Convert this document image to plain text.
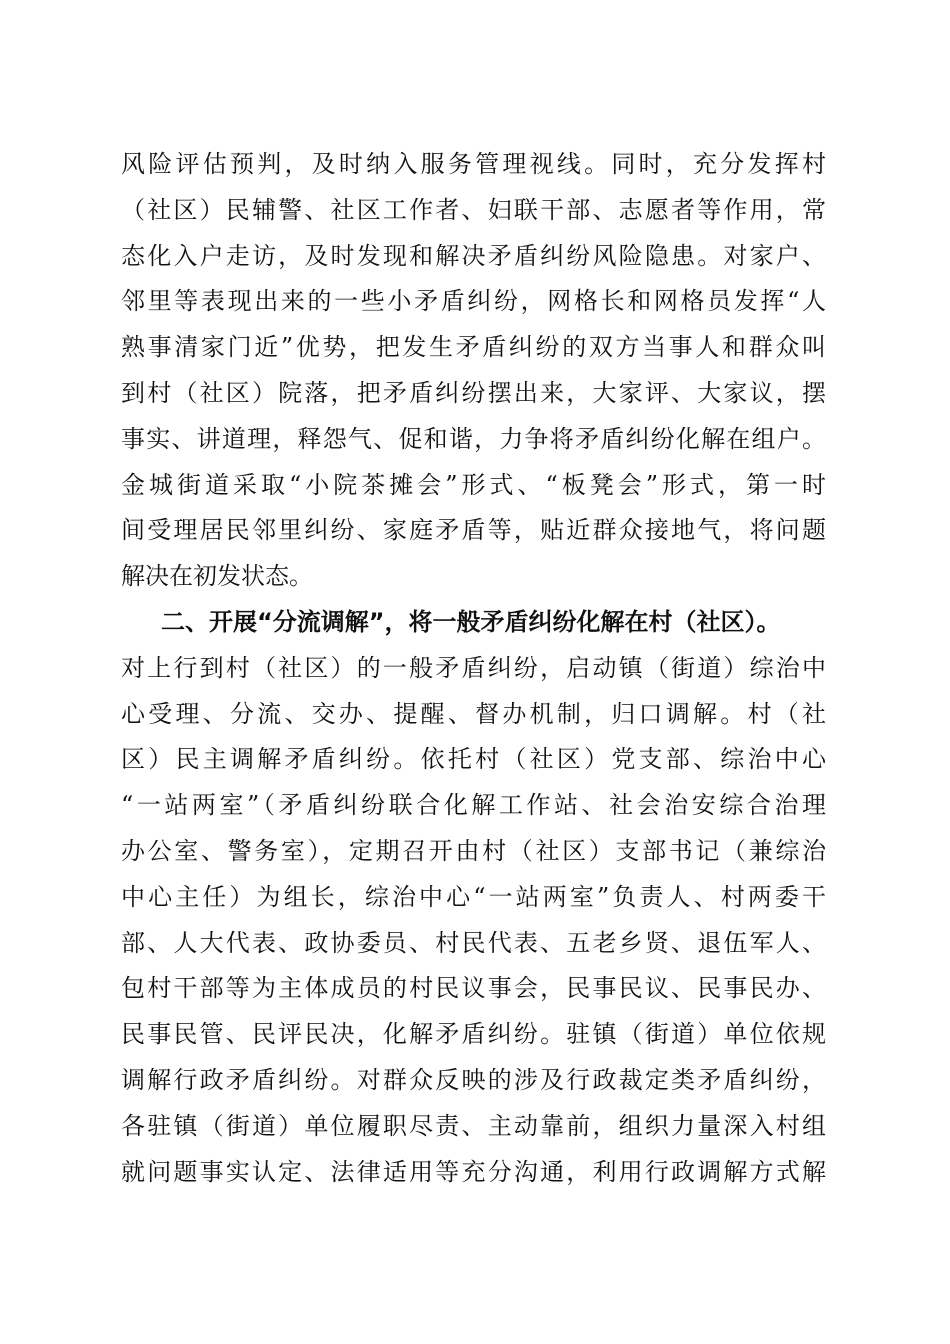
风险评估预判，及时纳入服务管理视线。同时，充分发挥村
（社区）民辅警、社区工作者、妇联干部、志愿者等作用，常
态化入户走访，及时发现和解决矛盾纠纷风险隐患。对家户、
邻里等表现出来的一些小矛盾纠纷，网格长和网格员发挥“人
熟事清家门近”优势，把发生矛盾纠纷的双方当事人和群众叫
到村（社区）院落，把矛盾纠纷摆出来，大家评、大家议，摆
事实、讲道理，释怨气、促和谐，力争将矛盾纠纷化解在组户。
金城街道采取“小院茶摊会”形式、“板凳会”形式，第一时
间受理居民邻里纠纷、家庭矛盾等，贴近群众接地气，将问题
解决在初发状态。
二、开展“分流调解”，将一般矛盾纠纷化解在村（社区）。
对上行到村（社区）的一般矛盾纠纷，启动镇（街道）综治中
心受理、分流、交办、提醒、督办机制，归口调解。村（社
区）民主调解矛盾纠纷。依托村（社区）党支部、综治中心
“一站两室”（矛盾纠纷联合化解工作站、社会治安综合治理
办公室、警务室），定期召开由村（社区）支部书记（兼综治
中心主任）为组长，综治中心“一站两室”负责人、村两委干
部、人大代表、政协委员、村民代表、五老乡贤、退伍军人、
包村干部等为主体成员的村民议事会，民事民议、民事民办、
民事民管、民评民决，化解矛盾纠纷。驻镇（街道）单位依规
调解行政矛盾纠纷。对群众反映的涉及行政裁定类矛盾纠纷，
各驻镇（街道）单位履职尽责、主动靠前，组织力量深入村组
就问题事实认定、法律适用等充分沟通，利用行政调解方式解
